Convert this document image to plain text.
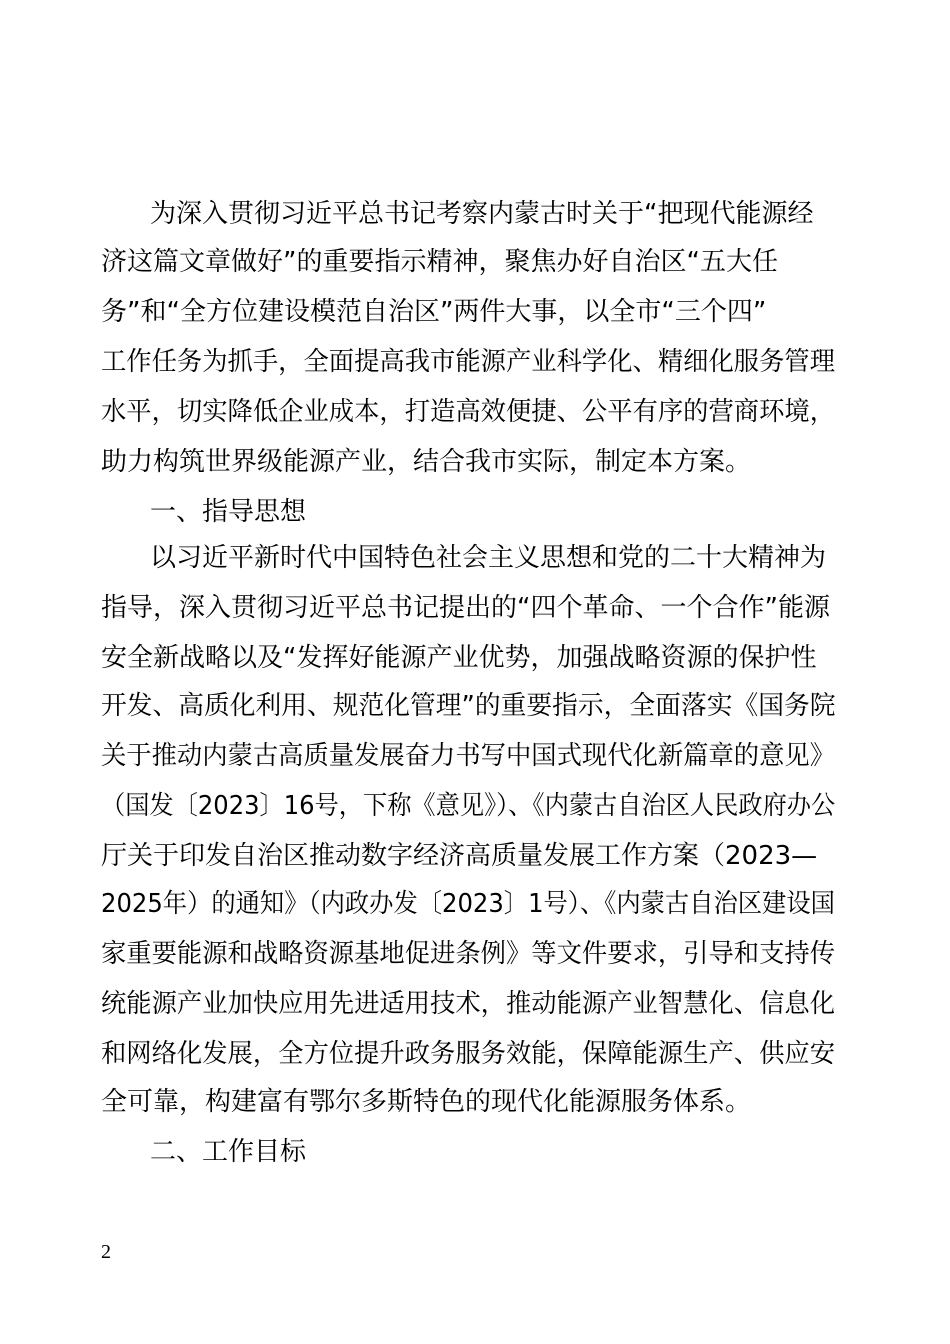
为深入贯彻习近平总书记考察内蒙古时关于“把现代能源经
济这篇文章做好”的重要指示精神，聚焦办好自治区“五大任
务”和“全方位建设模范自治区”两件大事，以全市“三个四”
工作任务为抓手，全面提高我市能源产业科学化、精细化服务管理
水平，切实降低企业成本，打造高效便捷、公平有序的营商环境，
助力构筑世界级能源产业，结合我市实际，制定本方案。
一、指导思想
以习近平新时代中国特色社会主义思想和党的二十大精神为
指导，深入贯彻习近平总书记提出的“四个革命、一个合作”能源
安全新战略以及“发挥好能源产业优势，加强战略资源的保护性
开发、高质化利用、规范化管理”的重要指示，全面落实《国务院
关于推动内蒙古高质量发展奋力书写中国式现代化新篇章的意见》
（国发〔2023〕16号，下称《意见》）、《内蒙古自治区人民政府办公
厅关于印发自治区推动数字经济高质量发展工作方案（2023—
2025年）的通知》（内政办发〔2023〕1号）、《内蒙古自治区建设国
家重要能源和战略资源基地促进条例》等文件要求，引导和支持传
统能源产业加快应用先进适用技术，推动能源产业智慧化、信息化
和网络化发展，全方位提升政务服务效能，保障能源生产、供应安
全可靠，构建富有鄂尔多斯特色的现代化能源服务体系。
二、工作目标
2
